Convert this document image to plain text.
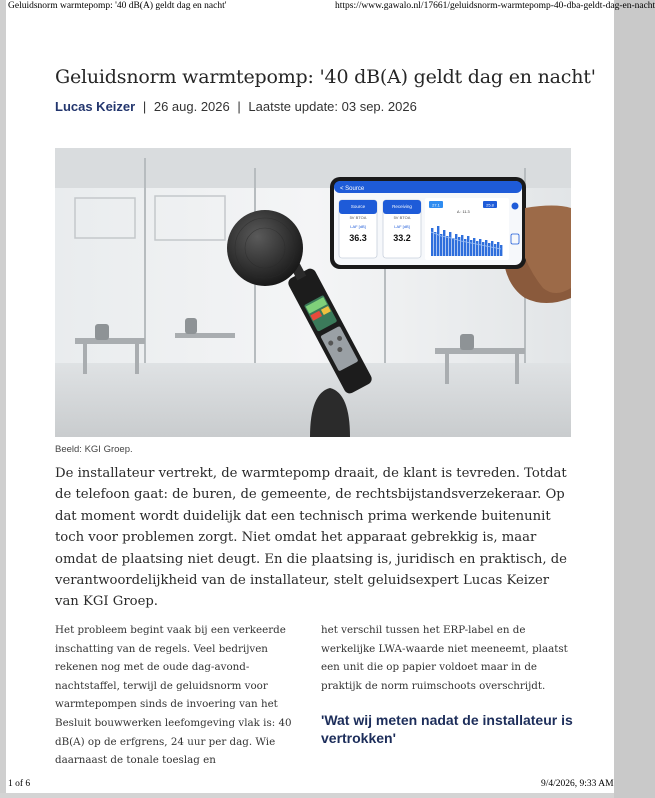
Geluidsnorm warmtepomp: '40 dB(A) geldt dag en nacht'	https://www.gawalo.nl/17661/geluidsnorm-warmtepomp-40-dba-geldt-dag-en-nacht
Geluidsnorm warmtepomp: '40 dB(A) geldt dag en nacht'
Lucas Keizer | 26 aug. 2026 | Laatste update: 03 sep. 2026
< Source
Source
5V BTOA
LAF [dB]
36.3
Receiving
5V BTOA
LAF [dB]
33.2
27.1	25.8
Δ : 11.3
Beeld: KGI Groep.

De installateur vertrekt, de warmtepomp draait, de klant is tevreden. Totdat de telefoon gaat: de buren, de gemeente, de rechtsbijstandsverzekeraar. Op dat moment wordt duidelijk dat een technisch prima werkende buitenunit toch voor problemen zorgt. Niet omdat het apparaat gebrekkig is, maar omdat de plaatsing niet deugt. En die plaatsing is, juridisch en praktisch, de verantwoordelijkheid van de installateur, stelt geluidsexpert Lucas Keizer van KGI Groep.

Het probleem begint vaak bij een verkeerde inschatting van de regels. Veel bedrijven rekenen nog met de oude dag-avond-nachtstaffel, terwijl de geluidsnorm voor warmtepompen sinds de invoering van het Besluit bouwwerken leefomgeving vlak is: 40 dB(A) op de erfgrens, 24 uur per dag. Wie daarnaast de tonale toeslag en

het verschil tussen het ERP-label en de werkelijke LWA-waarde niet meeneemt, plaatst een unit die op papier voldoet maar in de praktijk de norm ruimschoots overschrijdt.

'Wat wij meten nadat de installateur is vertrokken'
1 of 6	9/4/2026, 9:33 AM
